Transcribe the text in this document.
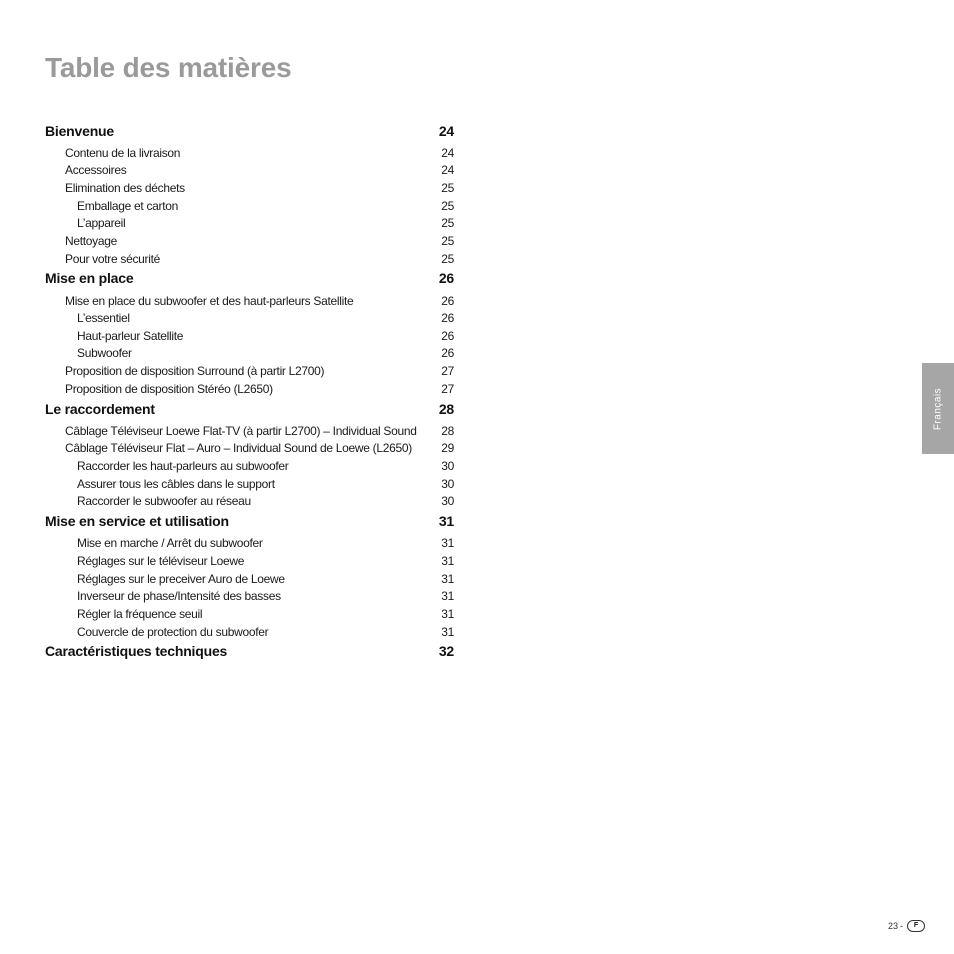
Table des matières
Bienvenue	24
Contenu de la livraison	24
Accessoires	24
Elimination des déchets	25
Emballage et carton	25
L’appareil	25
Nettoyage	25
Pour votre sécurité	25
Mise en place	26
Mise en place du subwoofer et des haut-parleurs Satellite	26
L’essentiel	26
Haut-parleur Satellite	26
Subwoofer	26
Proposition de disposition Surround (à partir L2700)	27
Proposition de disposition Stéréo (L2650)	27
Le raccordement	28
Câblage Téléviseur Loewe Flat-TV (à partir L2700) – Individual Sound 28
Câblage Téléviseur Flat – Auro – Individual Sound de Loewe (L2650) 29
Raccorder les haut-parleurs au subwoofer	30
Assurer tous les câbles dans le support	30
Raccorder le subwoofer au réseau	30
Mise en service et utilisation	31
Mise en marche / Arrêt du subwoofer	31
Réglages sur le téléviseur Loewe	31
Réglages sur le preceiver Auro de Loewe	31
Inverseur de phase/Intensité des basses	31
Régler la fréquence seuil	31
Couvercle de protection du subwoofer	31
Caractéristiques techniques	32
Français
23 -	F
